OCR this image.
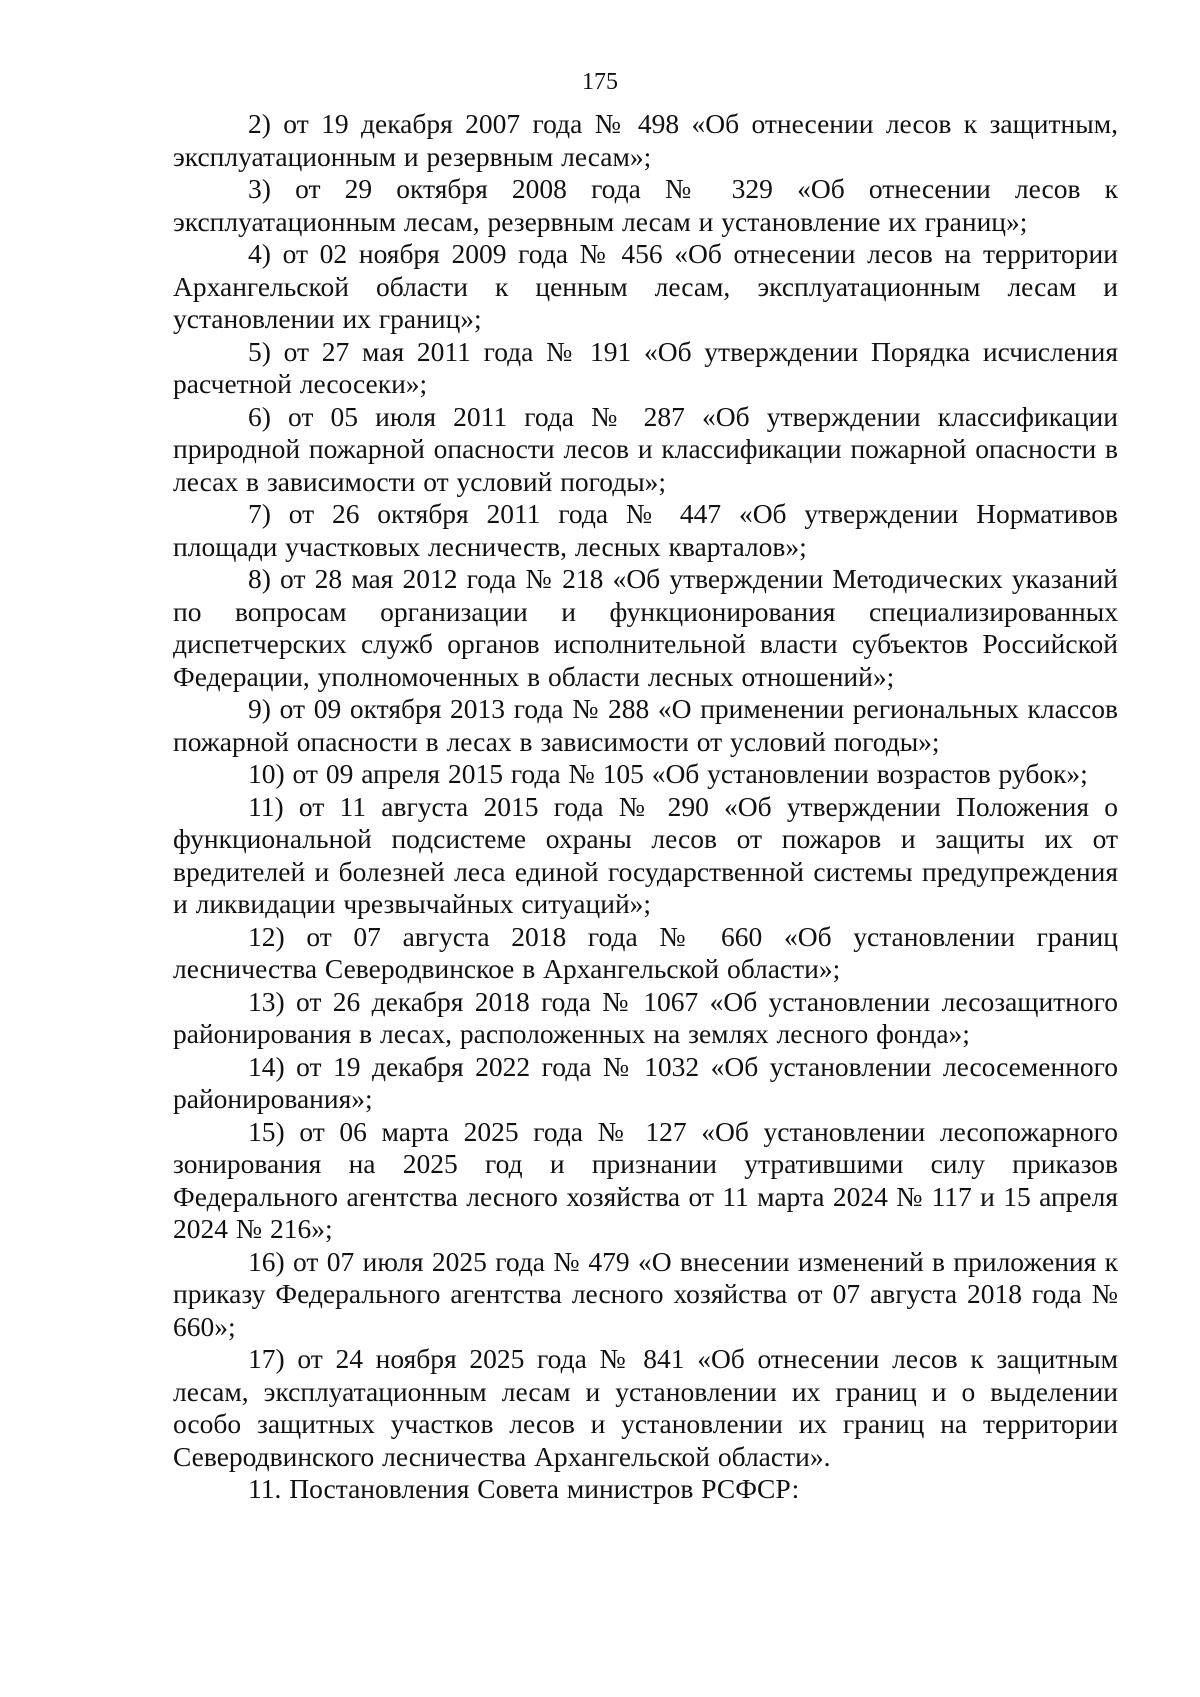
175

2) от 19 декабря 2007 года № 498 «Об отнесении лесов к защитным, эксплуатационным и резервным лесам»;

3) от 29 октября 2008 года № 329 «Об отнесении лесов к эксплуатационным лесам, резервным лесам и установление их границ»;

4) от 02 ноября 2009 года № 456 «Об отнесении лесов на территории Архангельской области к ценным лесам, эксплуатационным лесам и установлении их границ»;

5) от 27 мая 2011 года № 191 «Об утверждении Порядка исчисления расчетной лесосеки»;

6) от 05 июля 2011 года № 287 «Об утверждении классификации природной пожарной опасности лесов и классификации пожарной опасности в лесах в зависимости от условий погоды»;

7) от 26 октября 2011 года № 447 «Об утверждении Нормативов площади участковых лесничеств, лесных кварталов»;

8) от 28 мая 2012 года № 218 «Об утверждении Методических указаний по вопросам организации и функционирования специализированных диспетчерских служб органов исполнительной власти субъектов Российской Федерации, уполномоченных в области лесных отношений»;

9) от 09 октября 2013 года № 288 «О применении региональных классов пожарной опасности в лесах в зависимости от условий погоды»;

10) от 09 апреля 2015 года № 105 «Об установлении возрастов рубок»;

11) от 11 августа 2015 года № 290 «Об утверждении Положения о функциональной подсистеме охраны лесов от пожаров и защиты их от вредителей и болезней леса единой государственной системы предупреждения и ликвидации чрезвычайных ситуаций»;

12) от 07 августа 2018 года № 660 «Об установлении границ лесничества Северодвинское в Архангельской области»;

13) от 26 декабря 2018 года № 1067 «Об установлении лесозащитного районирования в лесах, расположенных на землях лесного фонда»;

14) от 19 декабря 2022 года № 1032 «Об установлении лесосеменного районирования»;

15) от 06 марта 2025 года № 127 «Об установлении лесопожарного зонирования на 2025 год и признании утратившими силу приказов Федерального агентства лесного хозяйства от 11 марта 2024 № 117 и 15 апреля 2024 № 216»;

16) от 07 июля 2025 года № 479 «О внесении изменений в приложения к приказу Федерального агентства лесного хозяйства от 07 августа 2018 года № 660»;

17) от 24 ноября 2025 года № 841 «Об отнесении лесов к защитным лесам, эксплуатационным лесам и установлении их границ и о выделении особо защитных участков лесов и установлении их границ на территории Северодвинского лесничества Архангельской области».

11. Постановления Совета министров РСФСР:
